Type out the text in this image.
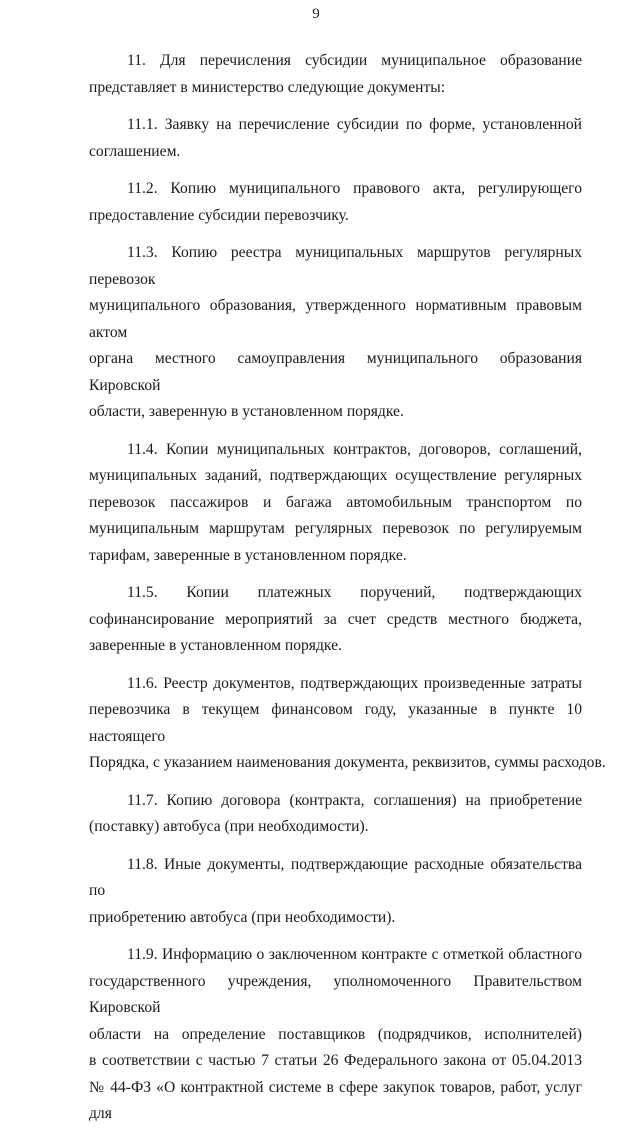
9

11. Для перечисления субсидии муниципальное образование
представляет в министерство следующие документы:

11.1. Заявку на перечисление субсидии по форме, установленной
соглашением.

11.2. Копию муниципального правового акта, регулирующего
предоставление субсидии перевозчику.

11.3. Копию реестра муниципальных маршрутов регулярных перевозок
муниципального образования, утвержденного нормативным правовым актом
органа местного самоуправления муниципального образования Кировской
области, заверенную в установленном порядке.

11.4. Копии муниципальных контрактов, договоров, соглашений,
муниципальных заданий, подтверждающих осуществление регулярных
перевозок пассажиров и багажа автомобильным транспортом по
муниципальным маршрутам регулярных перевозок по регулируемым
тарифам, заверенные в установленном порядке.

11.5. Копии платежных поручений, подтверждающих
софинансирование мероприятий за счет средств местного бюджета,
заверенные в установленном порядке.

11.6. Реестр документов, подтверждающих произведенные затраты
перевозчика в текущем финансовом году, указанные в пункте 10 настоящего
Порядка, с указанием наименования документа, реквизитов, суммы расходов.

11.7. Копию договора (контракта, соглашения) на приобретение
(поставку) автобуса (при необходимости).

11.8. Иные документы, подтверждающие расходные обязательства по
приобретению автобуса (при необходимости).

11.9. Информацию о заключенном контракте с отметкой областного
государственного учреждения, уполномоченного Правительством Кировской
области на определение поставщиков (подрядчиков, исполнителей)
в соответствии с частью 7 статьи 26 Федерального закона от 05.04.2013
№ 44-ФЗ «О контрактной системе в сфере закупок товаров, работ, услуг для
